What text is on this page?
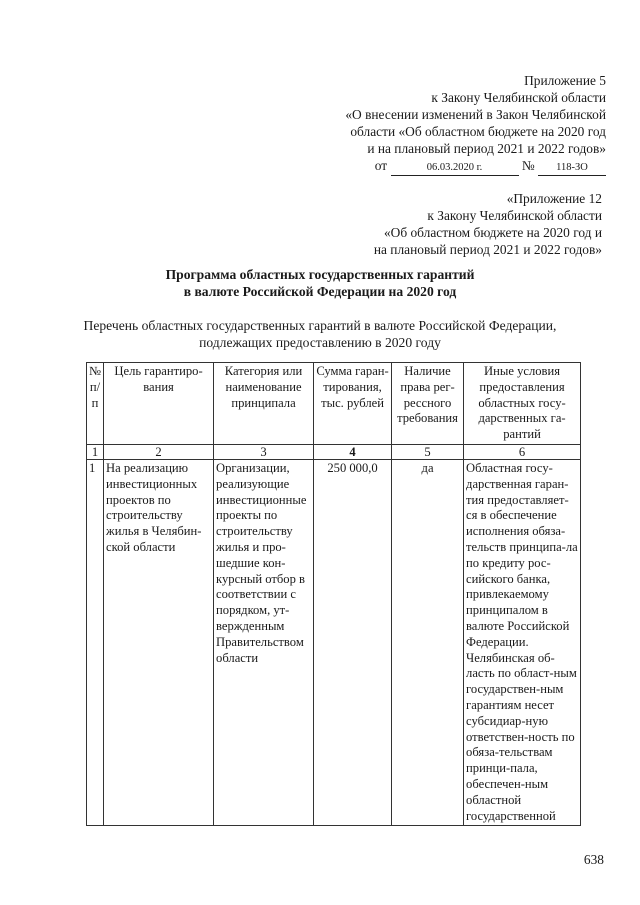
Приложение 5
к Закону Челябинской области
«О внесении изменений в Закон Челябинской
области «Об областном бюджете на 2020 год
и на плановый период 2021 и 2022 годов»
от	06.03.2020 г.	№ 118-ЗО
«Приложение 12
к Закону Челябинской области
«Об областном бюджете на 2020 год и
на плановый период 2021 и 2022 годов»
Программа областных государственных гарантий
в валюте Российской Федерации на 2020 год
Перечень областных государственных гарантий в валюте Российской Федерации,
подлежащих предоставлению в 2020 году
№ п/п	Цель гарантиро-вания	Категория или наименование принципала	Сумма гаран-тирования, тыс. рублей	Наличие права рег-рессного требования	Иные условия предоставления областных госу-дарственных га-рантий
1	2	3	4	5	6
1	На реализацию инвестиционных проектов по строительству жилья в Челябин-ской области	Организации, реализующие инвестиционные проекты по строительству жилья и про-шедшие кон-курсный отбор в соответствии с порядком, ут-вержденным Правительством области	250 000,0	да	Областная госу-дарственная гаран-тия предоставляет-ся в обеспечение исполнения обяза-тельств принципа-ла по кредиту рос-сийского банка, привлекаемому принципалом в валюте Российской Федерации. Челябинская об-ласть по област-ным государствен-ным гарантиям несет субсидиар-ную ответствен-ность по обяза-тельствам принци-пала, обеспечен-ным областной государственной
638
